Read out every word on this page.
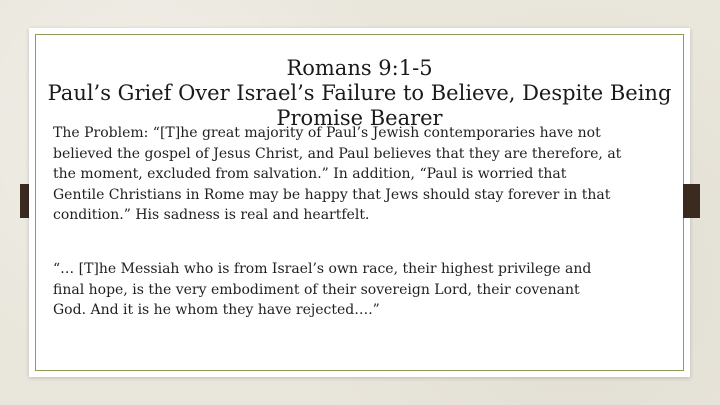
Romans 9:1-5
Paul’s Grief Over Israel’s Failure to Believe, Despite Being
Promise Bearer
The Problem: “[T]he great majority of Paul’s Jewish contemporaries have not
believed the gospel of Jesus Christ, and Paul believes that they are therefore, at
the moment, excluded from salvation.” In addition, “Paul is worried that
Gentile Christians in Rome may be happy that Jews should stay forever in that
condition.” His sadness is real and heartfelt.
“… [T]he Messiah who is from Israel’s own race, their highest privilege and
final hope, is the very embodiment of their sovereign Lord, their covenant
God. And it is he whom they have rejected….”
